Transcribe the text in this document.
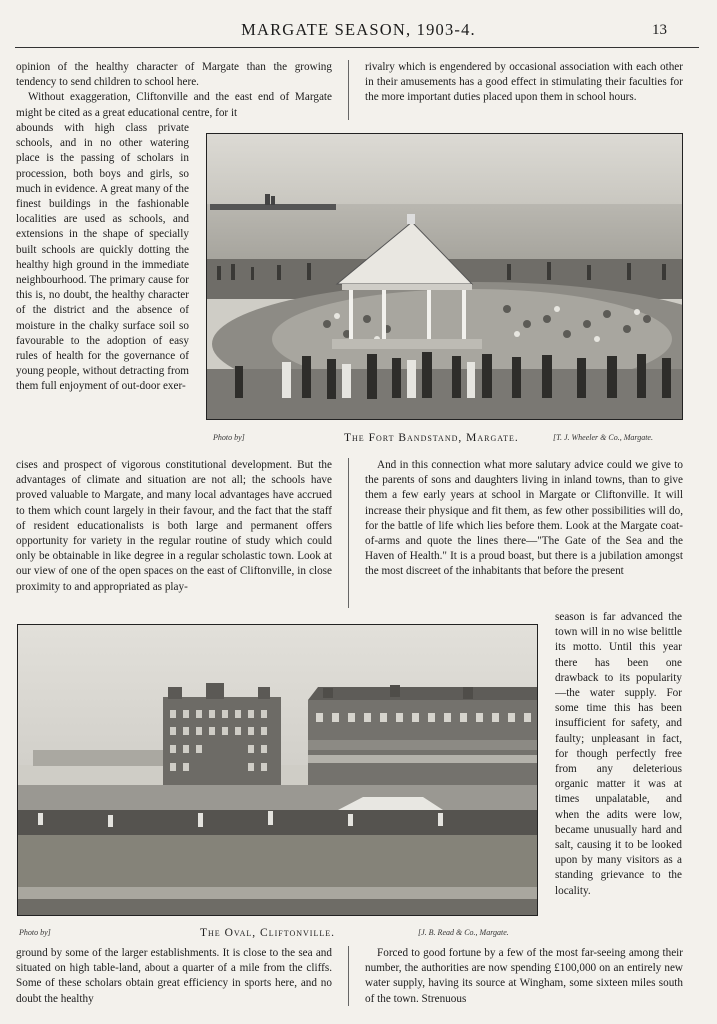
MARGATE SEASON, 1903-4.	13

opinion of the healthy character of Margate than the growing tendency to send children to school here.

Without exaggeration, Cliftonville and the east end of Margate might be cited as a great educational centre, for it

abounds with high class private schools, and in no other watering place is the passing of scholars in procession, both boys and girls, so much in evidence. A great many of the finest buildings in the fashionable localities are used as schools, and extensions in the shape of specially built schools are quickly dotting the healthy high ground in the immediate neighbourhood. The primary cause for this is, no doubt, the healthy character of the district and the absence of moisture in the chalky surface soil so favourable to the adoption of easy rules of health for the governance of young people, without detracting from them full enjoyment of out-door exer-

rivalry which is engendered by occasional association with each other in their amusements has a good effect in stimulating their faculties for the more important duties placed upon them in school hours.

Photo by]	The Fort Bandstand, Margate.	[T. J. Wheeler & Co., Margate.

cises and prospect of vigorous constitutional development. But the advantages of climate and situation are not all; the schools have proved valuable to Margate, and many local advantages have accrued to them which count largely in their favour, and the fact that the staff of resident educationalists is both large and permanent offers opportunity for variety in the regular routine of study which could only be obtainable in like degree in a regular scholastic town. Look at our view of one of the open spaces on the east of Cliftonville, in close proximity to and appropriated as play-

And in this connection what more salutary advice could we give to the parents of sons and daughters living in inland towns, than to give them a few early years at school in Margate or Cliftonville. It will increase their physique and fit them, as few other possibilities will do, for the battle of life which lies before them. Look at the Margate coat-of-arms and quote the lines there—"The Gate of the Sea and the Haven of Health." It is a proud boast, but there is a jubilation amongst the most discreet of the inhabitants that before the present

season is far advanced the town will in no wise belittle its motto. Until this year there has been one drawback to its popularity—the water supply. For some time this has been insufficient for safety, and faulty; unpleasant in fact, for though perfectly free from any deleterious organic matter it was at times unpalatable, and when the adits were low, became unusually hard and salt, causing it to be looked upon by many visitors as a standing grievance to the locality.

Photo by]	The Oval, Cliftonville.	[J. B. Read & Co., Margate.

ground by some of the larger establishments. It is close to the sea and situated on high table-land, about a quarter of a mile from the cliffs. Some of these scholars obtain great efficiency in sports here, and no doubt the healthy

Forced to good fortune by a few of the most far-seeing among their number, the authorities are now spending £100,000 on an entirely new water supply, having its source at Wingham, some sixteen miles south of the town. Strenuous
